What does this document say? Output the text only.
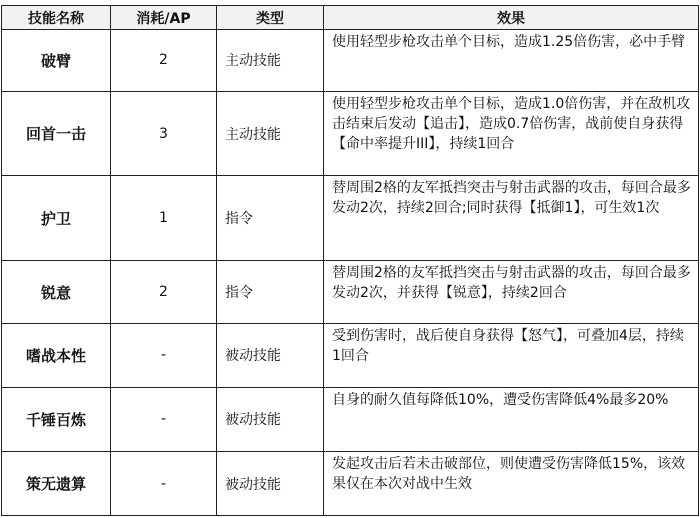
技能名称	消耗/AP	类型	效果
破臂	2	主动技能	使用轻型步枪攻击单个目标，造成1.25倍伤害，必中手臂
回首一击	3	主动技能	使用轻型步枪攻击单个目标，造成1.0倍伤害，并在敌机攻击结束后发动【追击】，造成0.7倍伤害，战前使自身获得【命中率提升III】，持续1回合
护卫	1	指令	替周围2格的友军抵挡突击与射击武器的攻击，每回合最多发动2次，持续2回合;同时获得【抵御1】，可生效1次
锐意	2	指令	替周围2格的友军抵挡突击与射击武器的攻击，每回合最多发动2次，并获得【锐意】，持续2回合
嗜战本性	-	被动技能	受到伤害时，战后使自身获得【怒气】，可叠加4层，持续1回合
千锤百炼	-	被动技能	自身的耐久值每降低10%，遭受伤害降低4%最多20%
策无遗算	-	被动技能	发起攻击后若未击破部位，则使遭受伤害降低15%，该效果仅在本次对战中生效
